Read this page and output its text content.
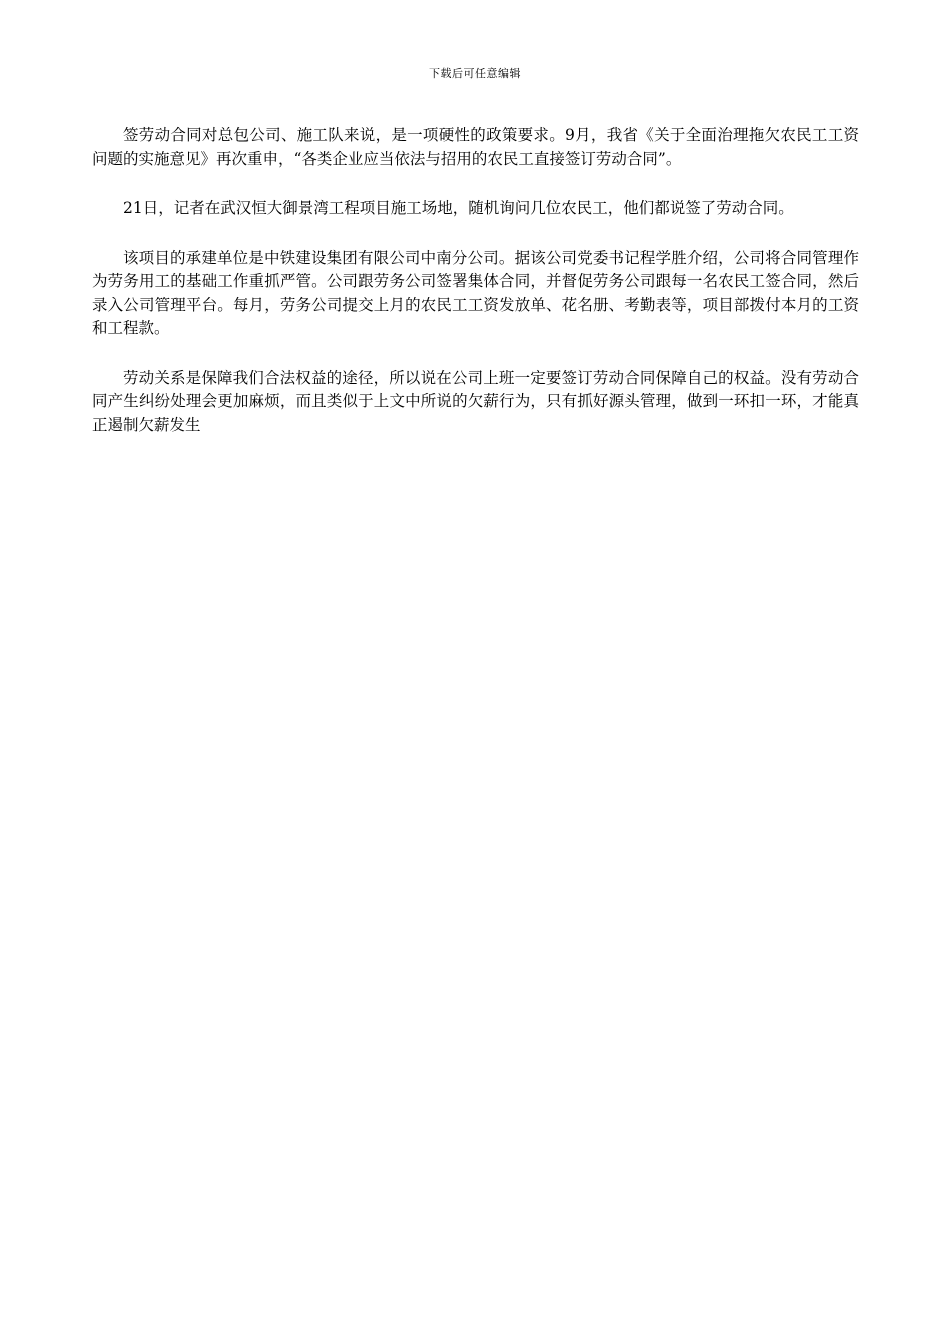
下载后可任意编辑

签劳动合同对总包公司、施工队来说，是一项硬性的政策要求。9月，我省《关于全面治理拖欠农民工工资问题的实施意见》再次重申，“各类企业应当依法与招用的农民工直接签订劳动合同”。

21日，记者在武汉恒大御景湾工程项目施工场地，随机询问几位农民工，他们都说签了劳动合同。

该项目的承建单位是中铁建设集团有限公司中南分公司。据该公司党委书记程学胜介绍，公司将合同管理作为劳务用工的基础工作重抓严管。公司跟劳务公司签署集体合同，并督促劳务公司跟每一名农民工签合同，然后录入公司管理平台。每月，劳务公司提交上月的农民工工资发放单、花名册、考勤表等，项目部拨付本月的工资和工程款。

劳动关系是保障我们合法权益的途径，所以说在公司上班一定要签订劳动合同保障自己的权益。没有劳动合同产生纠纷处理会更加麻烦，而且类似于上文中所说的欠薪行为，只有抓好源头管理，做到一环扣一环，才能真正遏制欠薪发生
